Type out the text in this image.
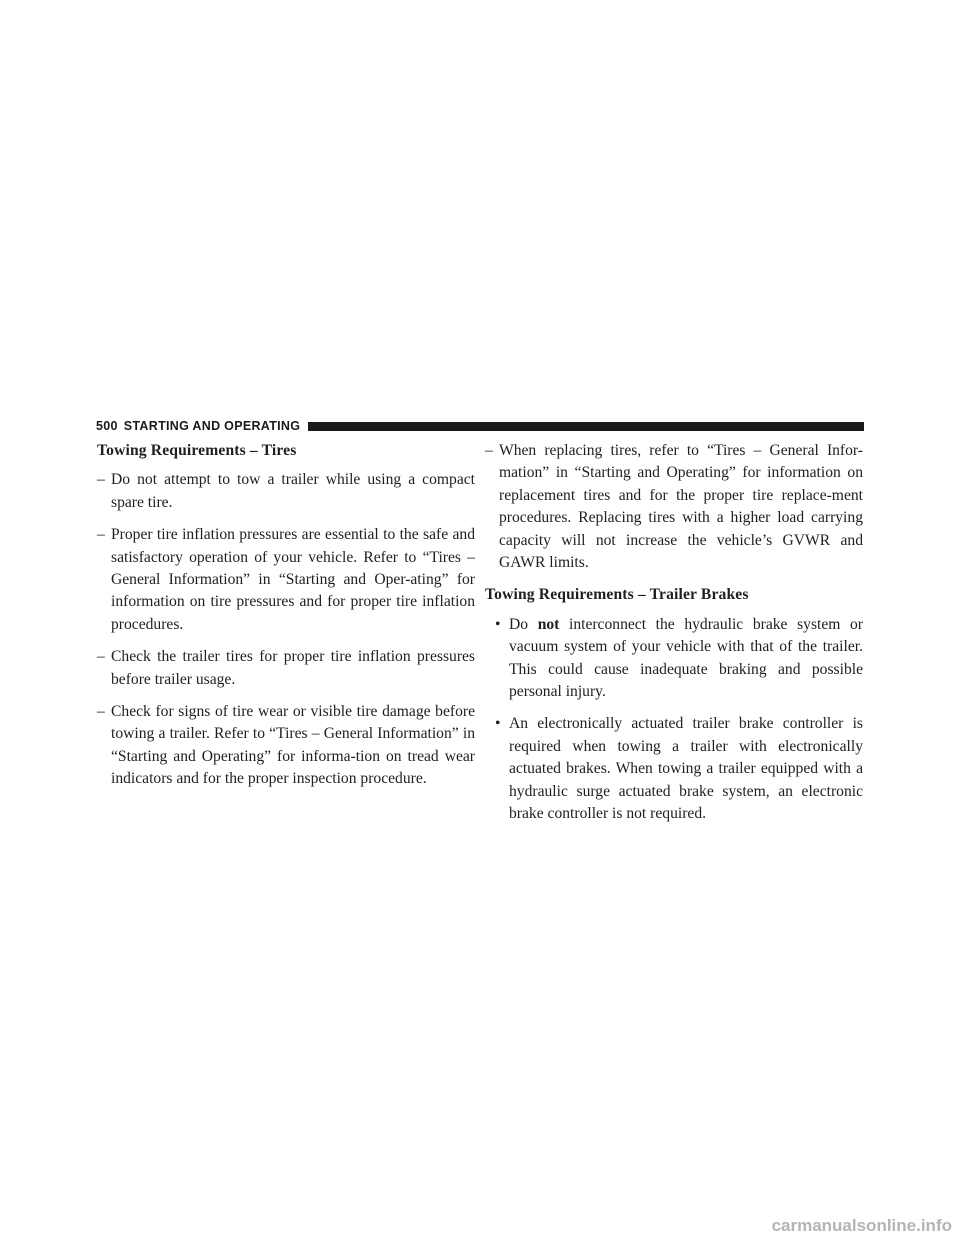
500 STARTING AND OPERATING
Towing Requirements – Tires

– Do not attempt to tow a trailer while using a compact spare tire.

– Proper tire inflation pressures are essential to the safe and satisfactory operation of your vehicle. Refer to “Tires – General Information” in “Starting and Oper-ating” for information on tire pressures and for proper tire inflation procedures.

– Check the trailer tires for proper tire inflation pressures before trailer usage.

– Check for signs of tire wear or visible tire damage before towing a trailer. Refer to “Tires – General Information” in “Starting and Operating” for informa-tion on tread wear indicators and for the proper inspection procedure.

– When replacing tires, refer to “Tires – General Infor-mation” in “Starting and Operating” for information on replacement tires and for the proper tire replace-ment procedures. Replacing tires with a higher load carrying capacity will not increase the vehicle’s GVWR and GAWR limits.

Towing Requirements – Trailer Brakes

• Do not interconnect the hydraulic brake system or vacuum system of your vehicle with that of the trailer. This could cause inadequate braking and possible personal injury.

• An electronically actuated trailer brake controller is required when towing a trailer with electronically actuated brakes. When towing a trailer equipped with a hydraulic surge actuated brake system, an electronic brake controller is not required.

carmanualsonline.info
